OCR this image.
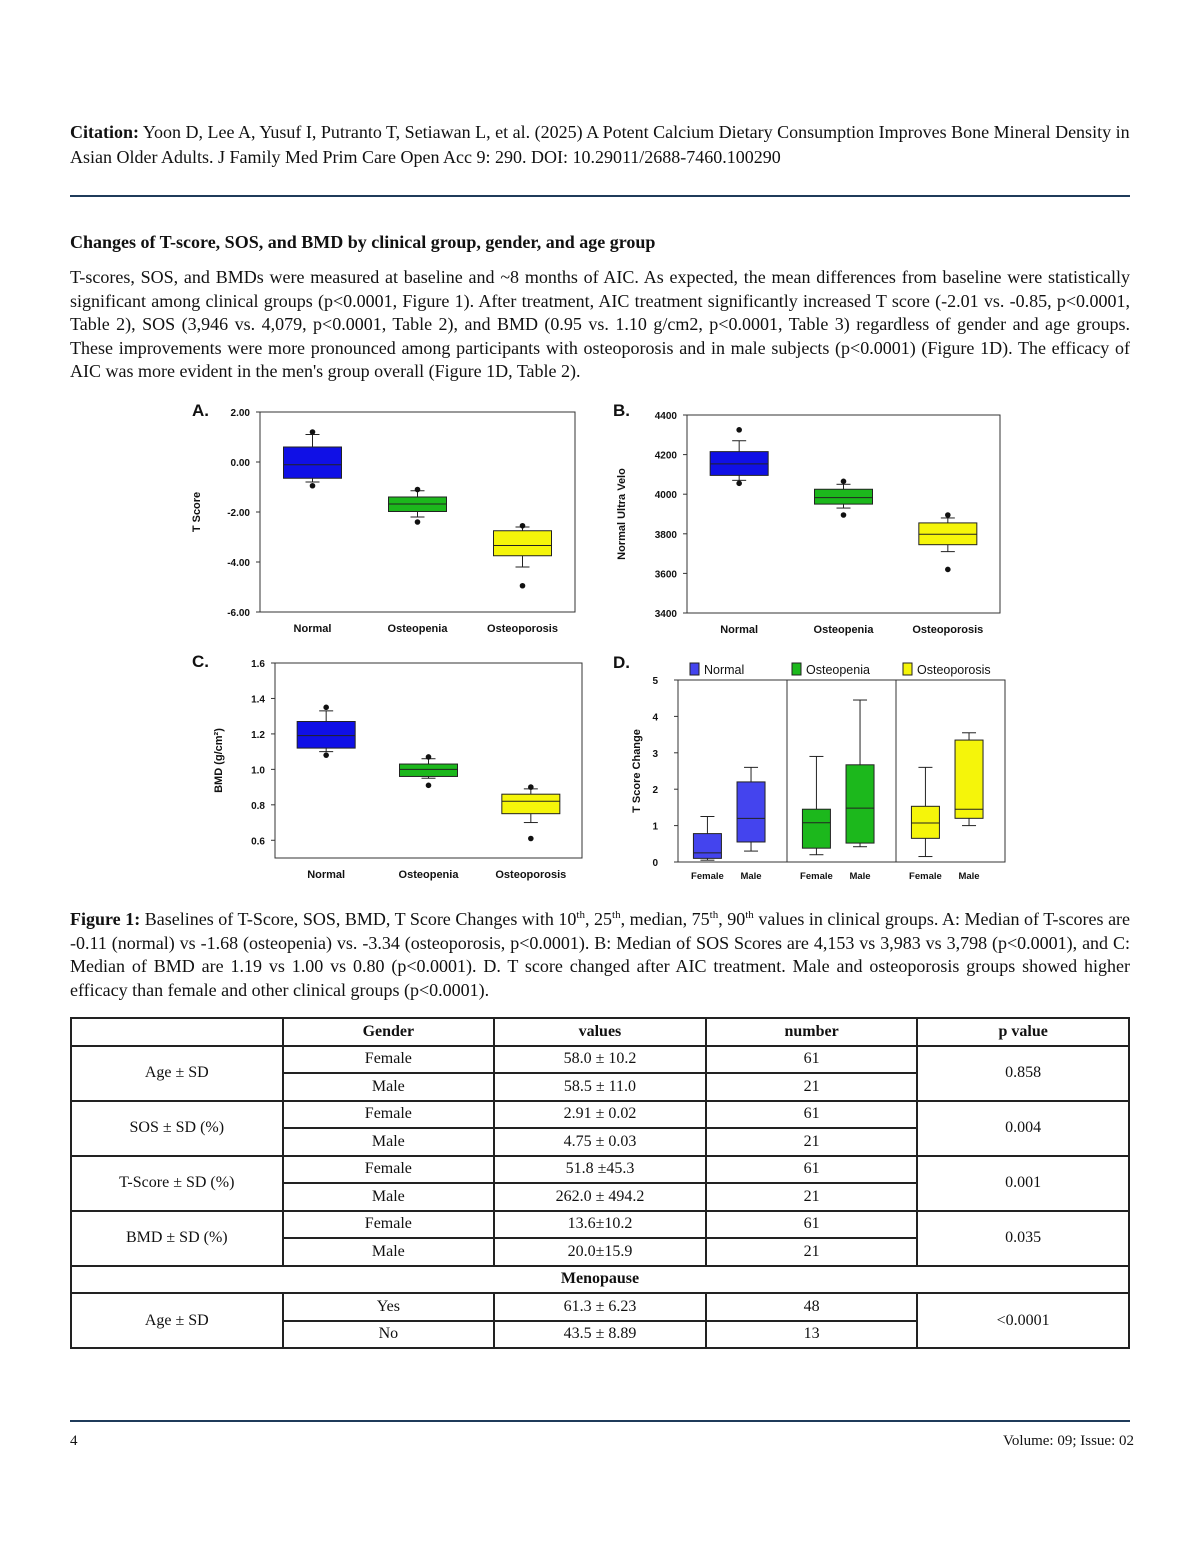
Citation: Yoon D, Lee A, Yusuf I, Putranto T, Setiawan L, et al. (2025) A Potent Calcium Dietary Consumption Improves Bone Mineral Density in Asian Older Adults. J Family Med Prim Care Open Acc 9: 290. DOI: 10.29011/2688-7460.100290
Changes of T-score, SOS, and BMD by clinical group, gender, and age group
T-scores, SOS, and BMDs were measured at baseline and ~8 months of AIC. As expected, the mean differences from baseline were statistically significant among clinical groups (p<0.0001, Figure 1). After treatment, AIC treatment significantly increased T score (-2.01 vs. -0.85, p<0.0001, Table 2), SOS (3,946 vs. 4,079, p<0.0001, Table 2), and BMD (0.95 vs. 1.10 g/cm2, p<0.0001, Table 3) regardless of gender and age groups. These improvements were more pronounced among participants with osteoporosis and in male subjects (p<0.0001) (Figure 1D). The efficacy of AIC was more evident in the men's group overall (Figure 1D, Table 2).
A. 2.00
0.00
-2.00
-4.00
-6.00
T Score
Normal	Osteopenia	Osteoporosis
B. 4400
4200
4000
3800
3600
3400
Normal Ultra Velo
Normal	Osteopenia	Osteoporosis
C.	1.6
1.4
1.2
1.0
0.8
0.6
BMD (g/cm²)
Normal	Osteopenia	Osteoporosis
D.
5
4
3
2
1
0
T Score Change
Female Male	Female Male	Female Male
Normal	Osteopenia	Osteoporosis
Figure 1: Baselines of T-Score, SOS, BMD, T Score Changes with 10th, 25th, median, 75th, 90th values in clinical groups. A: Median of T-scores are -0.11 (normal) vs -1.68 (osteopenia) vs. -3.34 (osteoporosis, p<0.0001). B: Median of SOS Scores are 4,153 vs 3,983 vs 3,798 (p<0.0001), and C: Median of BMD are 1.19 vs 1.00 vs 0.80 (p<0.0001). D. T score changed after AIC treatment. Male and osteoporosis groups showed higher efficacy than female and other clinical groups (p<0.0001).
	Gender	values	number	p value
Age ± SD	Female	58.0 ± 10.2	61	0.858
	Male	58.5 ± 11.0	21	
SOS ± SD (%)	Female	2.91 ± 0.02	61	0.004
	Male	4.75 ± 0.03	21	
T-Score ± SD (%)	Female	51.8 ±45.3	61	0.001
	Male	262.0 ± 494.2	21	
BMD ± SD (%)	Female	13.6±10.2	61	0.035
	Male	20.0±15.9	21	
Menopause				
Age ± SD	Yes	61.3 ± 6.23	48	<0.0001
	No	43.5 ± 8.89	13	
4	Volume: 09; Issue: 02
